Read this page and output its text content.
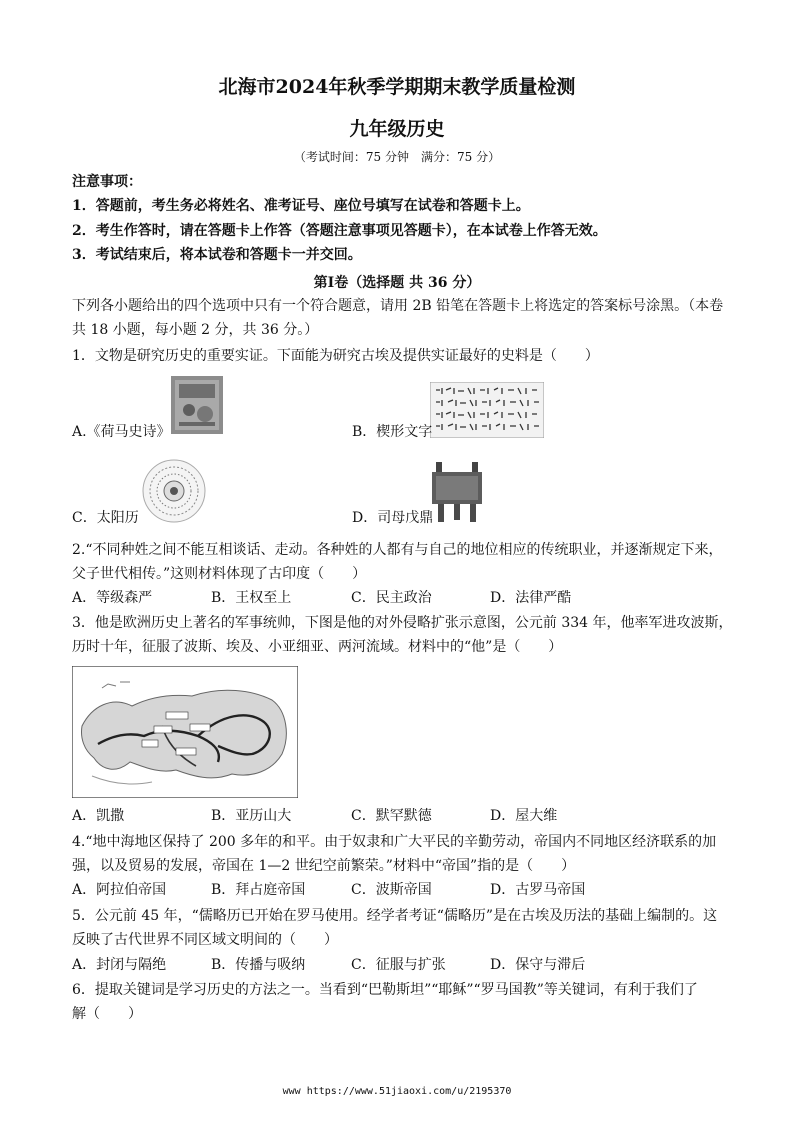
北海市2024年秋季学期期末教学质量检测
九年级历史
（考试时间：75 分钟　满分：75 分）
注意事项：
1．答题前，考生务必将姓名、准考证号、座位号填写在试卷和答题卡上。
2．考生作答时，请在答题卡上作答（答题注意事项见答题卡），在本试卷上作答无效。
3．考试结束后，将本试卷和答题卡一并交回。
第Ⅰ卷（选择题 共 36 分）
下列各小题给出的四个选项中只有一个符合题意，请用 2B 铅笔在答题卡上将选定的答案标号涂黑。（本卷
共 18 小题，每小题 2 分，共 36 分。）
1．文物是研究历史的重要实证。下面能为研究古埃及提供实证最好的史料是（　　）
A.《荷马史诗》	B．楔形文字
C．太阳历	D．司母戊鼎
2.“不同种姓之间不能互相谈话、走动。各种姓的人都有与自己的地位相应的传统职业，并逐渐规定下来，
父子世代相传。”这则材料体现了古印度（　　）
A．等级森严	B．王权至上	C．民主政治	D．法律严酷
3．他是欧洲历史上著名的军事统帅，下图是他的对外侵略扩张示意图，公元前 334 年，他率军进攻波斯，
历时十年，征服了波斯、埃及、小亚细亚、两河流域。材料中的“他”是（　　）
A．凯撒	B．亚历山大	C．默罕默德	D．屋大维
4.“地中海地区保持了 200 多年的和平。由于奴隶和广大平民的辛勤劳动，帝国内不同地区经济联系的加
强，以及贸易的发展，帝国在 1—2 世纪空前繁荣。”材料中“帝国”指的是（　　）
A．阿拉伯帝国	B．拜占庭帝国	C．波斯帝国	D．古罗马帝国
5．公元前 45 年，“儒略历已开始在罗马使用。经学者考证“儒略历”是在古埃及历法的基础上编制的。这
反映了古代世界不同区域文明间的（　　）
A．封闭与隔绝	B．传播与吸纳	C．征服与扩张	D．保守与滞后
6．提取关键词是学习历史的方法之一。当看到“巴勒斯坦”“耶稣”“罗马国教”等关键词，有利于我们了
解（　　）
www https://www.51jiaoxi.com/u/2195370
